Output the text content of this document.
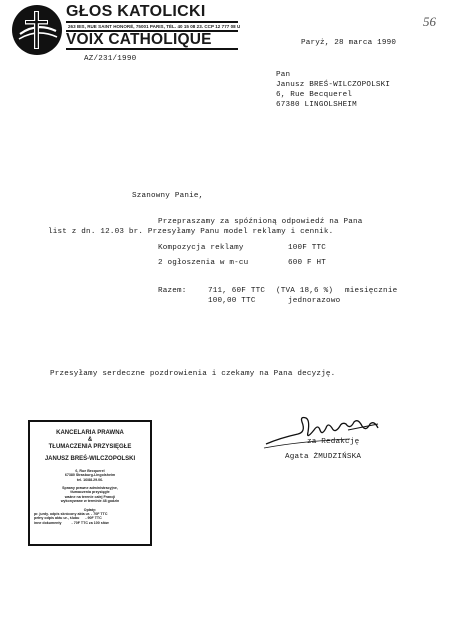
GŁOS KATOLICKI
263 BIS, RUE SAINT HONORÉ, 75001 PARIS, TÉL. 40 15 08 23. CCP 12 777 08 U
VOIX CATHOLIQUE
56
AZ/231/1990
Paryż, 28 marca 1990
Pan
Janusz BREŚ-WILCZOPOLSKI
6, Rue Becquerel
67380 LINGOLSHEIM
Szanowny Panie,
Przepraszamy za spóźnioną odpowiedź na Pana
list z dn. 12.03 br. Przesyłamy Panu model reklamy i cennik.
Kompozycja reklamy	100F TTC
2 ogłoszenia w m-cu	600 F HT
Razem:	711, 60F TTC (TVA 18,6 %) miesięcznie
100,00 TTC	jednorazowo
Przesyłamy serdeczne pozdrowienia i czekamy na Pana decyzję.
za Redakcję
Agata ŻMUDZIŃSKA
KANCELARIA PRAWNA
&
TŁUMACZENIA PRZYSIĘGŁE
JANUSZ BREŚ-WILCZOPOLSKI
6, Rue Becquerel
67380 Strasburg-Lingolsheim
tel. 16/88.29.06.
Sprawy prawne administracyjne,
tłumaczenia przysięgłe
ważne na terenie całej Francji
wykonywane w terminie 48 godzin
Opłaty:
pr. jurdy. odpis skrócony akta ur. - 70F TTC
pełny odpis aktu ur., ślubu      - 90F TTC
inne dokumenty          - 70F TTC za 100 słów
